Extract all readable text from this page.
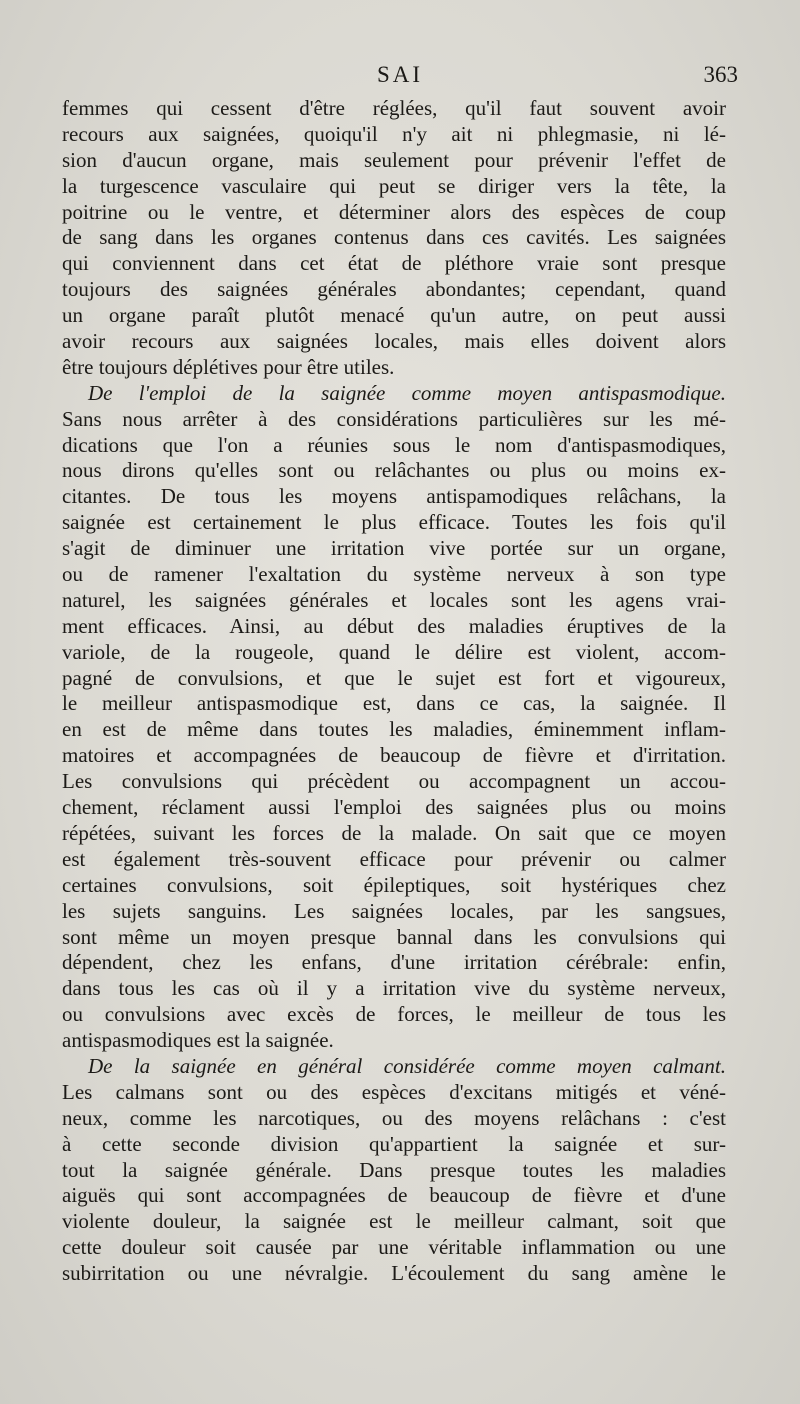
SAI	363
femmes qui cessent d'être réglées, qu'il faut souvent avoir
recours aux saignées, quoiqu'il n'y ait ni phlegmasie, ni lé-
sion d'aucun organe, mais seulement pour prévenir l'effet de
la turgescence vasculaire qui peut se diriger vers la tête, la
poitrine ou le ventre, et déterminer alors des espèces de coup
de sang dans les organes contenus dans ces cavités. Les saignées
qui conviennent dans cet état de pléthore vraie sont presque
toujours des saignées générales abondantes; cependant, quand
un organe paraît plutôt menacé qu'un autre, on peut aussi
avoir recours aux saignées locales, mais elles doivent alors
être toujours déplétives pour être utiles.
De l'emploi de la saignée comme moyen antispasmodique.
Sans nous arrêter à des considérations particulières sur les mé-
dications que l'on a réunies sous le nom d'antispasmodiques,
nous dirons qu'elles sont ou relâchantes ou plus ou moins ex-
citantes. De tous les moyens antispamodiques relâchans, la
saignée est certainement le plus efficace. Toutes les fois qu'il
s'agit de diminuer une irritation vive portée sur un organe,
ou de ramener l'exaltation du système nerveux à son type
naturel, les saignées générales et locales sont les agens vrai-
ment efficaces. Ainsi, au début des maladies éruptives de la
variole, de la rougeole, quand le délire est violent, accom-
pagné de convulsions, et que le sujet est fort et vigoureux,
le meilleur antispasmodique est, dans ce cas, la saignée. Il
en est de même dans toutes les maladies, éminemment inflam-
matoires et accompagnées de beaucoup de fièvre et d'irritation.
Les convulsions qui précèdent ou accompagnent un accou-
chement, réclament aussi l'emploi des saignées plus ou moins
répétées, suivant les forces de la malade. On sait que ce moyen
est également très-souvent efficace pour prévenir ou calmer
certaines convulsions, soit épileptiques, soit hystériques chez
les sujets sanguins. Les saignées locales, par les sangsues,
sont même un moyen presque bannal dans les convulsions qui
dépendent, chez les enfans, d'une irritation cérébrale: enfin,
dans tous les cas où il y a irritation vive du système nerveux,
ou convulsions avec excès de forces, le meilleur de tous les
antispasmodiques est la saignée.
De la saignée en général considérée comme moyen calmant.
Les calmans sont ou des espèces d'excitans mitigés et véné-
neux, comme les narcotiques, ou des moyens relâchans : c'est
à cette seconde division qu'appartient la saignée et sur-
tout la saignée générale. Dans presque toutes les maladies
aiguës qui sont accompagnées de beaucoup de fièvre et d'une
violente douleur, la saignée est le meilleur calmant, soit que
cette douleur soit causée par une véritable inflammation ou une
subirritation ou une névralgie. L'écoulement du sang amène le
